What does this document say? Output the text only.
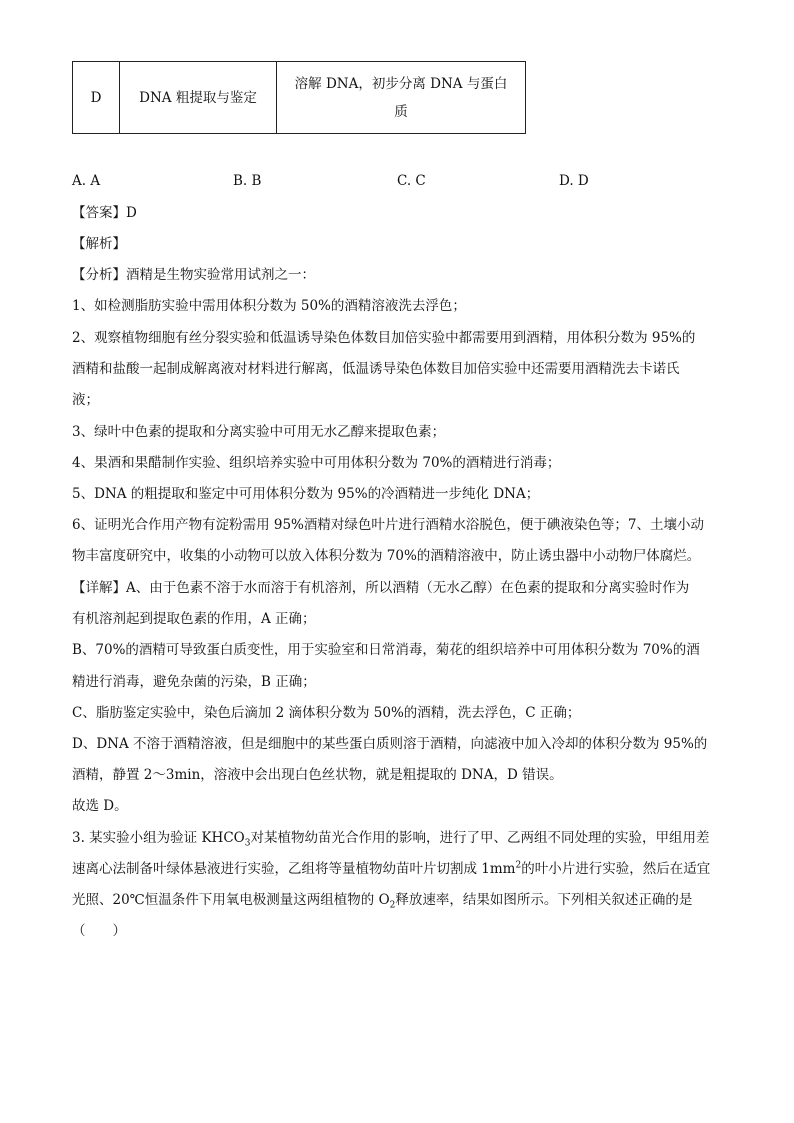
D	DNA 粗提取与鉴定	
溶解 DNA，初步分离 DNA 与蛋白
质
A. A	B. B	C. C	D. D
【答案】D
【解析】
【分析】酒精是生物实验常用试剂之一：
1、如检测脂肪实验中需用体积分数为 50%的酒精溶液洗去浮色；
2、观察植物细胞有丝分裂实验和低温诱导染色体数目加倍实验中都需要用到酒精，用体积分数为 95%的
酒精和盐酸一起制成解离液对材料进行解离，低温诱导染色体数目加倍实验中还需要用酒精洗去卡诺氏
液；
3、绿叶中色素的提取和分离实验中可用无水乙醇来提取色素；
4、果酒和果醋制作实验、组织培养实验中可用体积分数为 70%的酒精进行消毒；
5、DNA 的粗提取和鉴定中可用体积分数为 95%的冷酒精进一步纯化 DNA；
6、证明光合作用产物有淀粉需用 95%酒精对绿色叶片进行酒精水浴脱色，便于碘液染色等；7、土壤小动
物丰富度研究中，收集的小动物可以放入体积分数为 70%的酒精溶液中，防止诱虫器中小动物尸体腐烂。
【详解】A、由于色素不溶于水而溶于有机溶剂，所以酒精（无水乙醇）在色素的提取和分离实验时作为
有机溶剂起到提取色素的作用，A 正确；
B、70%的酒精可导致蛋白质变性，用于实验室和日常消毒，菊花的组织培养中可用体积分数为 70%的酒
精进行消毒，避免杂菌的污染，B 正确；
C、脂肪鉴定实验中，染色后滴加 2 滴体积分数为 50%的酒精，洗去浮色，C 正确；
D、DNA 不溶于酒精溶液，但是细胞中的某些蛋白质则溶于酒精，向滤液中加入冷却的体积分数为 95%的
酒精，静置 2～3min，溶液中会出现白色丝状物，就是粗提取的 DNA，D 错误。
故选 D。
3. 某实验小组为验证 $KHCO_3$对某植物幼苗光合作用的影响，进行了甲、乙两组不同处理的实验，甲组用差
速离心法制备叶绿体悬液进行实验，乙组将等量植物幼苗叶片切割成 $1mm^2$的叶小片进行实验，然后在适宜
光照、20℃恒温条件下用氧电极测量这两组植物的 $O_2$释放速率，结果如图所示。下列相关叙述正确的是
（　　）
